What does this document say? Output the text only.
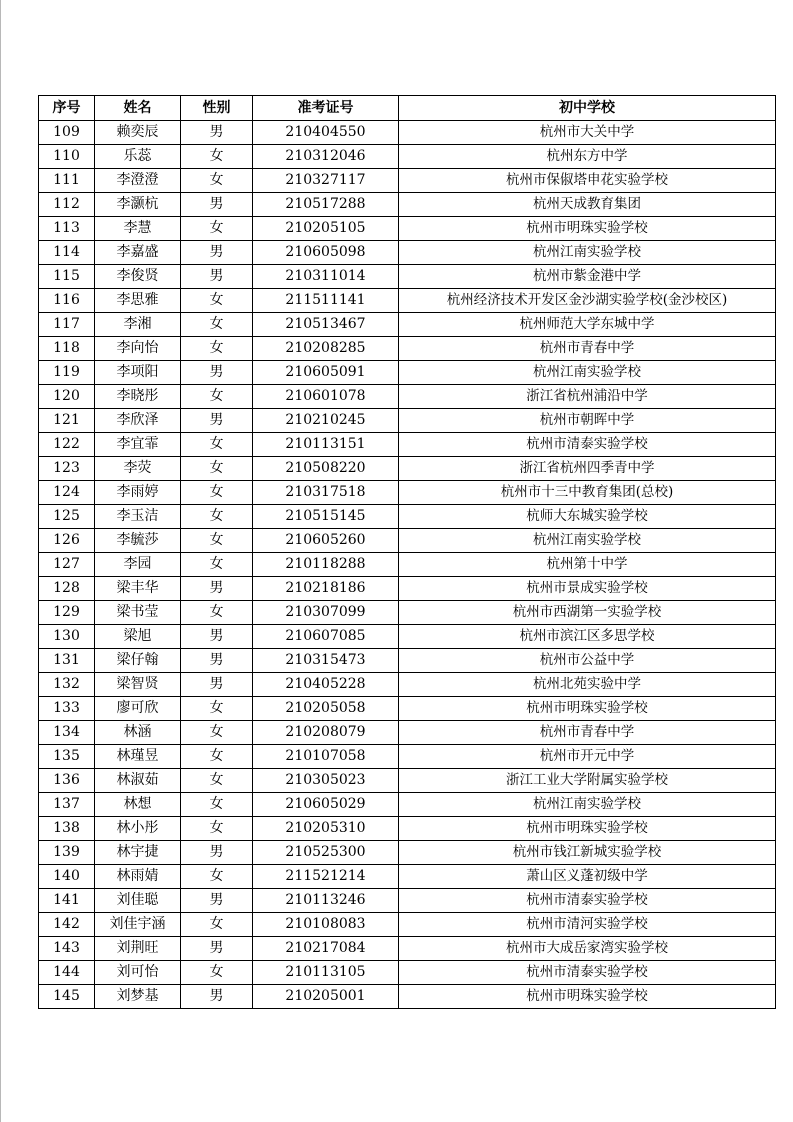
序号	姓名	性别	准考证号	初中学校
109	赖奕辰	男	210404550	杭州市大关中学
110	乐蕊	女	210312046	杭州东方中学
111	李澄澄	女	210327117	杭州市保俶塔申花实验学校
112	李灏杭	男	210517288	杭州天成教育集团
113	李慧	女	210205105	杭州市明珠实验学校
114	李嘉盛	男	210605098	杭州江南实验学校
115	李俊贤	男	210311014	杭州市紫金港中学
116	李思雅	女	211511141	杭州经济技术开发区金沙湖实验学校(金沙校区)
117	李湘	女	210513467	杭州师范大学东城中学
118	李向怡	女	210208285	杭州市青春中学
119	李项阳	男	210605091	杭州江南实验学校
120	李晓彤	女	210601078	浙江省杭州浦沿中学
121	李欣泽	男	210210245	杭州市朝晖中学
122	李宜霏	女	210113151	杭州市清泰实验学校
123	李荧	女	210508220	浙江省杭州四季青中学
124	李雨婷	女	210317518	杭州市十三中教育集团(总校)
125	李玉洁	女	210515145	杭师大东城实验学校
126	李毓莎	女	210605260	杭州江南实验学校
127	李园	女	210118288	杭州第十中学
128	梁丰华	男	210218186	杭州市景成实验学校
129	梁书莹	女	210307099	杭州市西湖第一实验学校
130	梁旭	男	210607085	杭州市滨江区多思学校
131	梁仔翰	男	210315473	杭州市公益中学
132	梁智贤	男	210405228	杭州北苑实验中学
133	廖可欣	女	210205058	杭州市明珠实验学校
134	林涵	女	210208079	杭州市青春中学
135	林瑾昱	女	210107058	杭州市开元中学
136	林淑茹	女	210305023	浙江工业大学附属实验学校
137	林想	女	210605029	杭州江南实验学校
138	林小彤	女	210205310	杭州市明珠实验学校
139	林宇捷	男	210525300	杭州市钱江新城实验学校
140	林雨婧	女	211521214	萧山区义蓬初级中学
141	刘佳聪	男	210113246	杭州市清泰实验学校
142	刘佳宇涵	女	210108083	杭州市清河实验学校
143	刘荆旺	男	210217084	杭州市大成岳家湾实验学校
144	刘可怡	女	210113105	杭州市清泰实验学校
145	刘梦基	男	210205001	杭州市明珠实验学校
